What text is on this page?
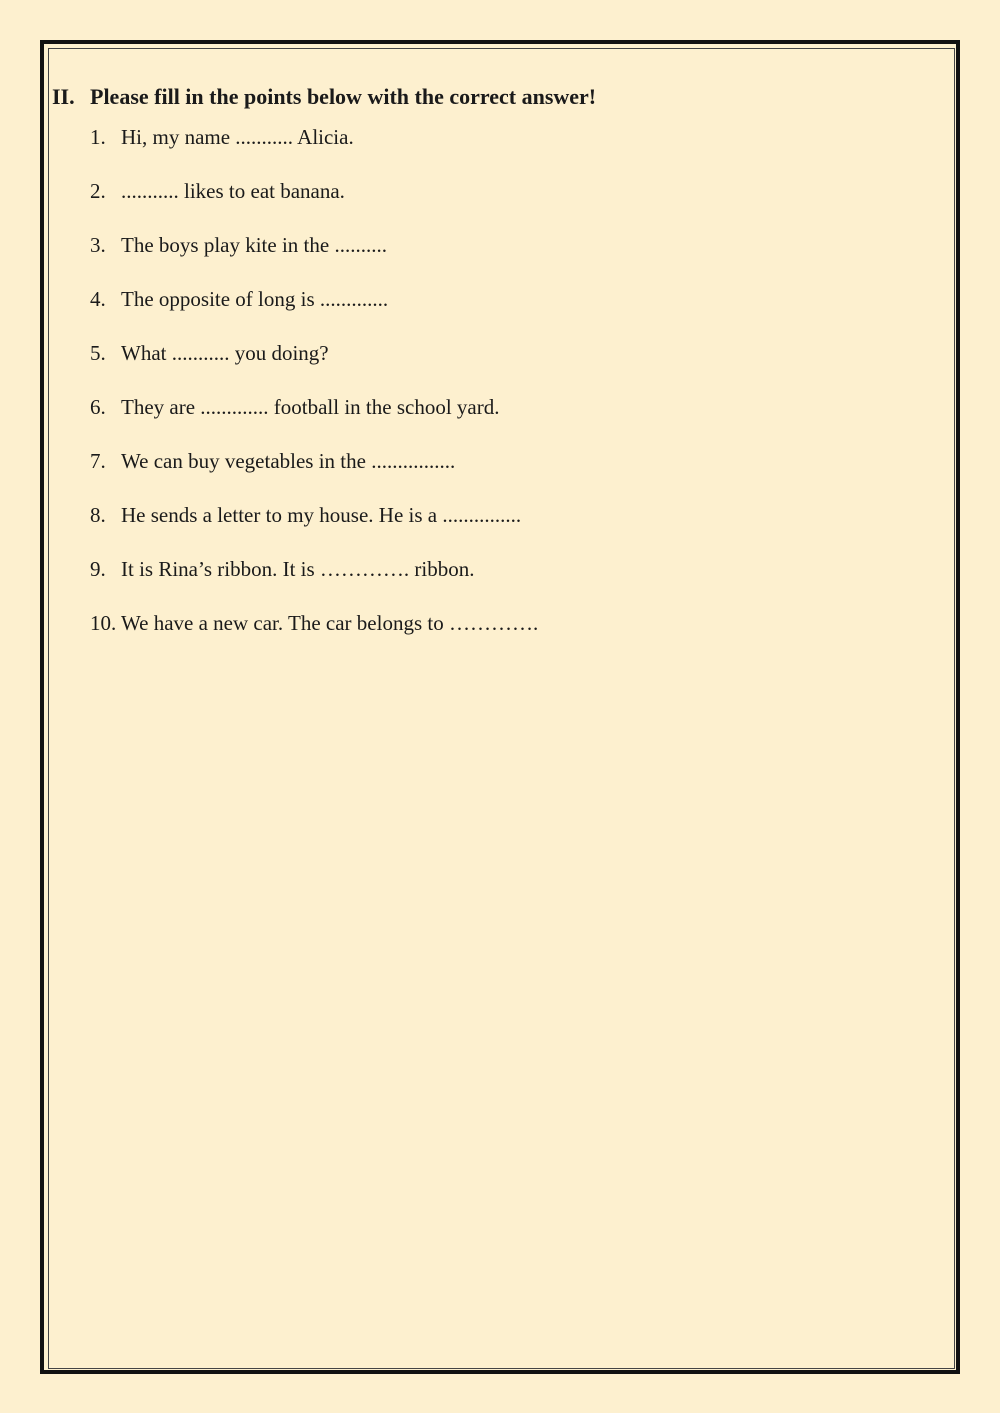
II. Please fill in the points below with the correct answer!
1. Hi, my name ........... Alicia.
2. ........... likes to eat banana.
3. The boys play kite in the ..........
4. The opposite of long is .............
5. What ........... you doing?
6. They are ............. football in the school yard.
7. We can buy vegetables in the ................
8. He sends a letter to my house. He is a ...............
9. It is Rina’s ribbon. It is …………. ribbon.
10. We have a new car. The car belongs to ………….
